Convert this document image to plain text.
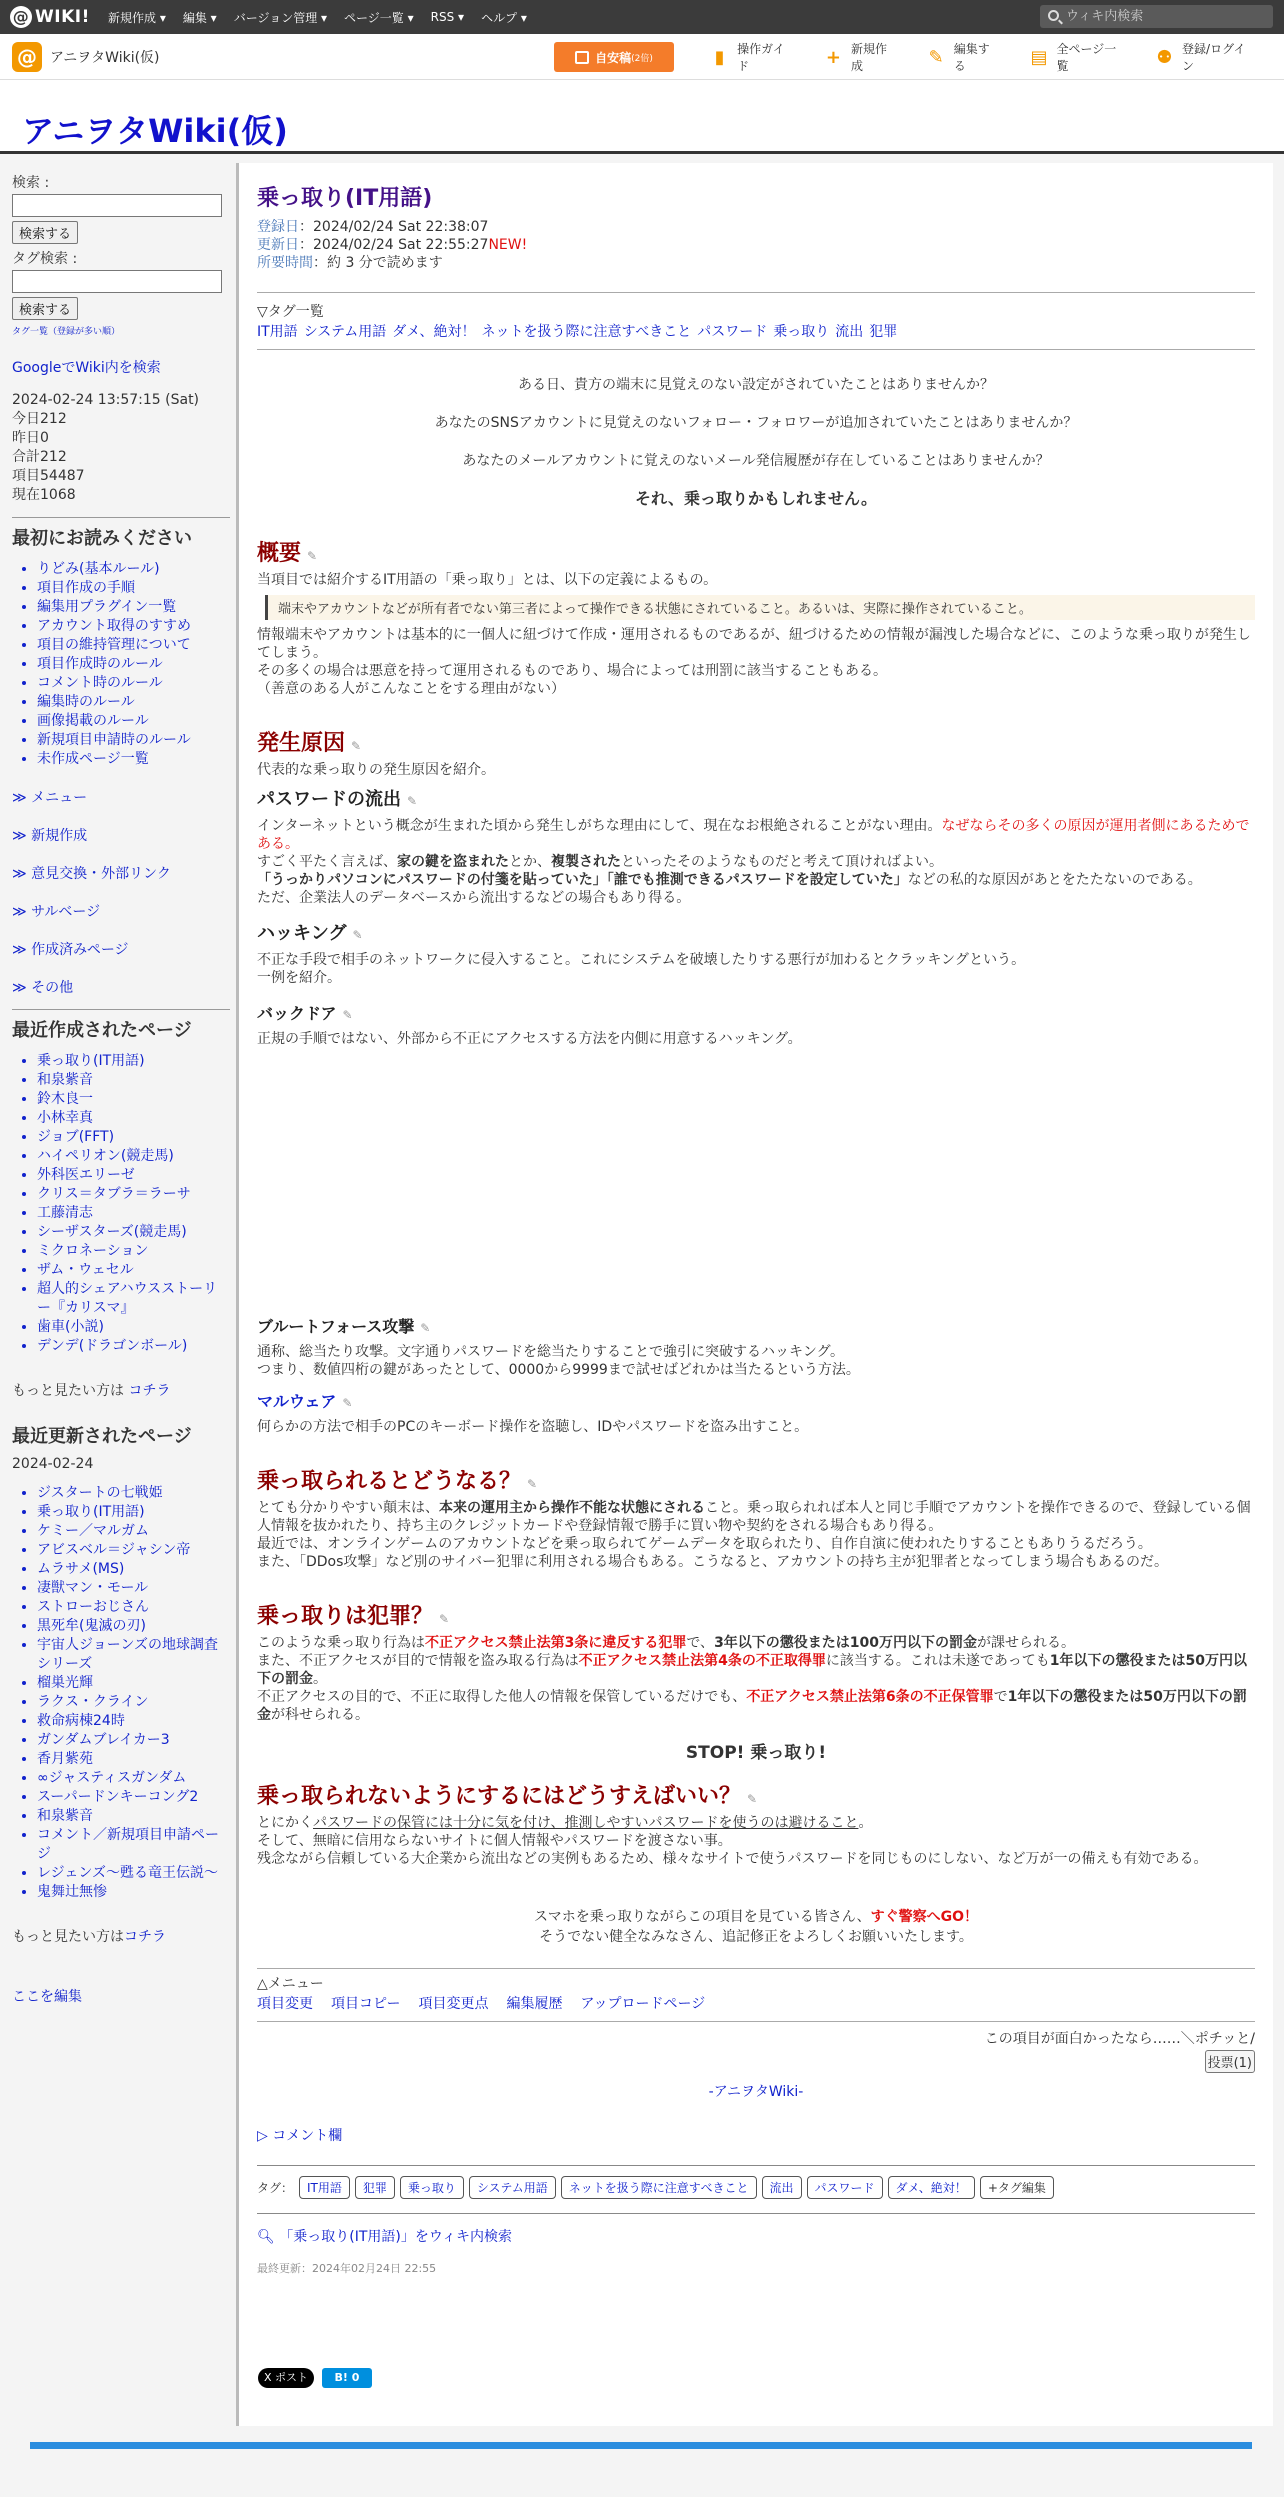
@ WIKI! 新規作成 ▾ 編集 ▾ バージョン管理 ▾ ページ一覧 ▾ RSS ▾ ヘルプ ▾	ウィキ内検索
@ アニヲタWiki(仮)	自安稿 (2倍)	▮	操作ガイド	+ 新規作成	✎ 編集する	▤ 全ページ一覧	⚉ 登録/ログイン
アニヲタWiki(仮)
検索 :
検索する
タグ検索 :
検索する
タグ一覧（登録が多い順）
GoogleでWiki内を検索
2024-02-24 13:57:15 (Sat)
今日212
昨日0
合計212
項目54487
現在1068
最初にお読みください
• りどみ(基本ルール)
• 項目作成の手順
• 編集用プラグイン一覧
• アカウント取得のすすめ
• 項目の維持管理について
• 項目作成時のルール
• コメント時のルール
• 編集時のルール
• 画像掲載のルール
• 新規項目申請時のルール
• 未作成ページ一覧
≫ メニュー
≫ 新規作成
≫ 意見交換・外部リンク
≫ サルベージ
≫ 作成済みページ
≫ その他
最近作成されたページ
• 乗っ取り(IT用語)
• 和泉紫音
• 鈴木良一
• 小林幸真
• ジョブ(FFT)
• ハイペリオン(競走馬)
• 外科医エリーゼ
• クリス＝タブラ＝ラーサ
• 工藤清志
• シーザスターズ(競走馬)
• ミクロネーション
• ザム・ウェセル
• 超人的シェアハウスストーリー『カリスマ』
• 歯車(小説)
• デンデ(ドラゴンボール)
もっと見たい方は コチラ
最近更新されたページ
2024-02-24
• ジスタートの七戦姫
• 乗っ取り(IT用語)
• ケミー／マルガム
• アビスベル＝ジャシン帝
• ムラサメ(MS)
• 凄獣マン・モール
• ストローおじさん
• 黒死牟(鬼滅の刃)
• 宇宙人ジョーンズの地球調査シリーズ
• 榴巣光輝
• ラクス・クライン
• 救命病棟24時
• ガンダムブレイカー3
• 香月紫苑
• ∞ジャスティスガンダム
• スーパードンキーコング2
• 和泉紫音
• コメント／新規項目申請ページ
• レジェンズ〜甦る竜王伝説〜
• 鬼舞辻無惨
もっと見たい方はコチラ
ここを編集
乗っ取り(IT用語)
登録日：2024/02/24 Sat 22:38:07
更新日：2024/02/24 Sat 22:55:27NEW!
所要時間：約 3 分で読めます
▽タグ一覧
IT用語 システム用語 ダメ、絶対！ ネットを扱う際に注意すべきこと パスワード 乗っ取り 流出 犯罪

ある日、貴方の端末に見覚えのない設定がされていたことはありませんか？

あなたのSNSアカウントに見覚えのないフォロー・フォロワーが追加されていたことはありませんか？

あなたのメールアカウントに覚えのないメール発信履歴が存在していることはありませんか？

それ、乗っ取りかもしれません。

概要 ✎
当項目では紹介するIT用語の「乗っ取り」とは、以下の定義によるもの。
端末やアカウントなどが所有者でない第三者によって操作できる状態にされていること。あるいは、実際に操作されていること。
情報端末やアカウントは基本的に一個人に紐づけて作成・運用されるものであるが、紐づけるための情報が漏洩した場合などに、このような乗っ取りが発生してしまう。
その多くの場合は悪意を持って運用されるものであり、場合によっては刑罰に該当することもある。
（善意のある人がこんなことをする理由がない）
発生原因 ✎
代表的な乗っ取りの発生原因を紹介。
パスワードの流出 ✎
インターネットという概念が生まれた頃から発生しがちな理由にして、現在なお根絶されることがない理由。なぜならその多くの原因が運用者側にあるためである。
すごく平たく言えば、家の鍵を盗まれたとか、複製されたといったそのようなものだと考えて頂ければよい。
「うっかりパソコンにパスワードの付箋を貼っていた」「誰でも推測できるパスワードを設定していた」などの私的な原因があとをたたないのである。
ただ、企業法人のデータベースから流出するなどの場合もあり得る。
ハッキング ✎
不正な手段で相手のネットワークに侵入すること。これにシステムを破壊したりする悪行が加わるとクラッキングという。
一例を紹介。
バックドア ✎
正規の手順ではない、外部から不正にアクセスする方法を内側に用意するハッキング。
ブルートフォース攻撃 ✎
通称、総当たり攻撃。文字通りパスワードを総当たりすることで強引に突破するハッキング。
つまり、数値四桁の鍵があったとして、0000から9999まで試せばどれかは当たるという方法。
マルウェア ✎
何らかの方法で相手のPCのキーボード操作を盗聴し、IDやパスワードを盗み出すこと。
乗っ取られるとどうなる？ ✎
とても分かりやすい顛末は、本来の運用主から操作不能な状態にされること。乗っ取られれば本人と同じ手順でアカウントを操作できるので、登録している個人情報を抜かれたり、持ち主のクレジットカードや登録情報で勝手に買い物や契約をされる場合もあり得る。
最近では、オンラインゲームのアカウントなどを乗っ取られてゲームデータを取られたり、自作自演に使われたりすることもありうるだろう。
また、「DDos攻撃」など別のサイバー犯罪に利用される場合もある。こうなると、アカウントの持ち主が犯罪者となってしまう場合もあるのだ。
乗っ取りは犯罪？ ✎
このような乗っ取り行為は不正アクセス禁止法第3条に違反する犯罪で、3年以下の懲役または100万円以下の罰金が課せられる。
また、不正アクセスが目的で情報を盗み取る行為は不正アクセス禁止法第4条の不正取得罪に該当する。これは未遂であっても1年以下の懲役または50万円以下の罰金。
不正アクセスの目的で、不正に取得した他人の情報を保管しているだけでも、不正アクセス禁止法第6条の不正保管罪で1年以下の懲役または50万円以下の罰金が科せられる。
STOP! 乗っ取り!
乗っ取られないようにするにはどうすえばいい？ ✎
とにかくパスワードの保管には十分に気を付け、推測しやすいパスワードを使うのは避けること。
そして、無暗に信用ならないサイトに個人情報やパスワードを渡さない事。
残念ながら信頼している大企業から流出などの実例もあるため、様々なサイトで使うパスワードを同じものにしない、など万が一の備えも有効である。
スマホを乗っ取りながらこの項目を見ている皆さん、すぐ警察へGO！
そうでない健全なみなさん、追記修正をよろしくお願いいたします。
△メニュー
項目変更 項目コピー 項目変更点 編集履歴 アップロードページ
この項目が面白かったなら……＼ポチッと/
投票(1)
-アニヲタWiki-
▷ コメント欄
タグ：	IT用語	犯罪	乗っ取り	システム用語	ネットを扱う際に注意すべきこと	流出	パスワード	ダメ、絶対！	+タグ編集
🔍︎ 「乗っ取り(IT用語)」をウィキ内検索
最終更新：2024年02月24日 22:55
X ポスト	B! 0
